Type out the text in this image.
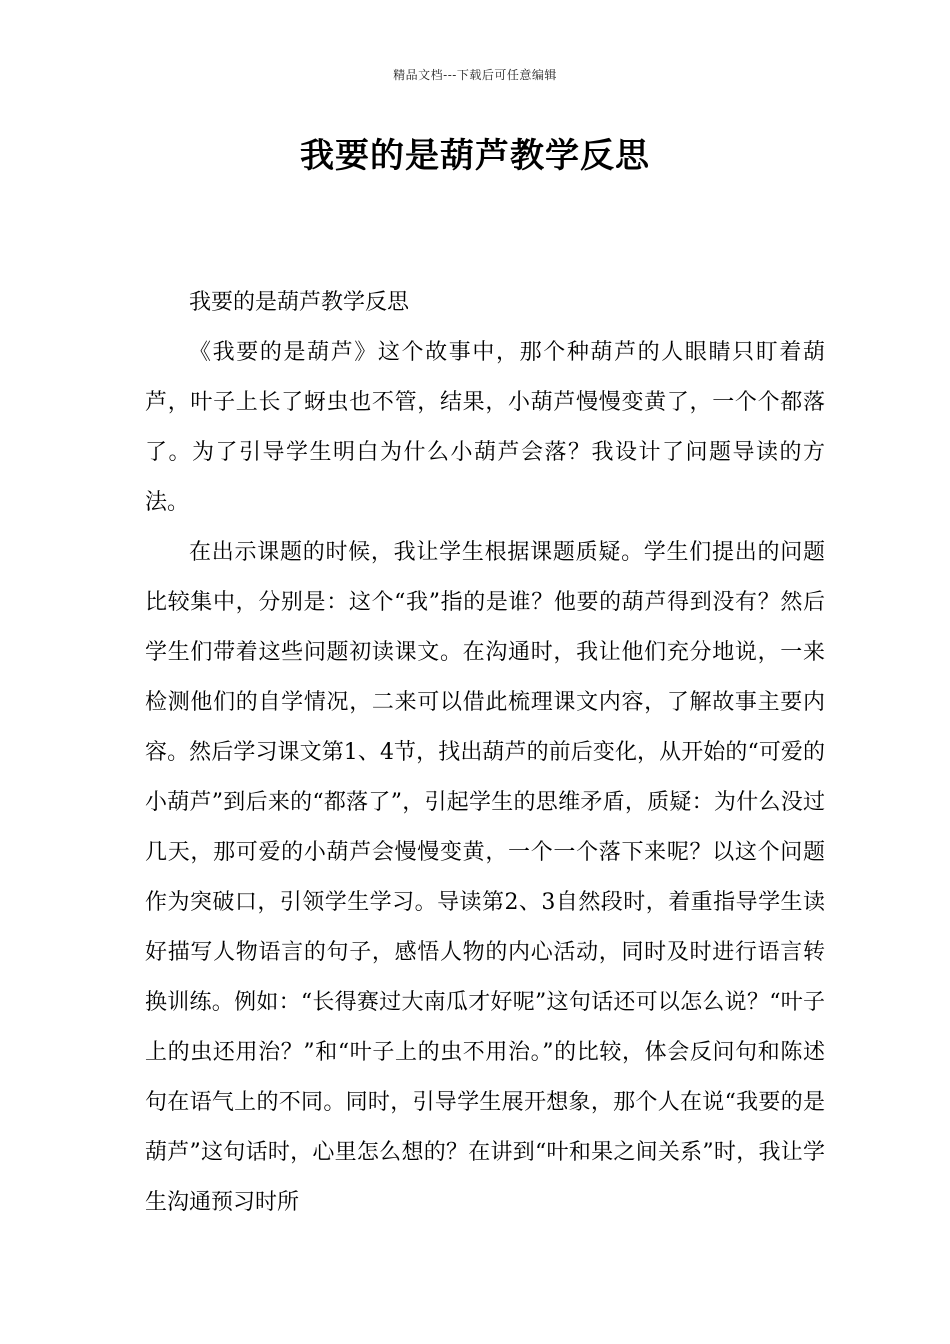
精品文档---下载后可任意编辑
我要的是葫芦教学反思

我要的是葫芦教学反思

《我要的是葫芦》这个故事中，那个种葫芦的人眼睛只盯着葫芦，叶子上长了蚜虫也不管，结果，小葫芦慢慢变黄了，一个个都落了。为了引导学生明白为什么小葫芦会落？我设计了问题导读的方法。

在出示课题的时候，我让学生根据课题质疑。学生们提出的问题比较集中，分别是：这个“我”指的是谁？他要的葫芦得到没有？然后学生们带着这些问题初读课文。在沟通时，我让他们充分地说，一来检测他们的自学情况，二来可以借此梳理课文内容，了解故事主要内容。然后学习课文第1、4节，找出葫芦的前后变化，从开始的“可爱的小葫芦”到后来的“都落了”，引起学生的思维矛盾，质疑：为什么没过几天，那可爱的小葫芦会慢慢变黄，一个一个落下来呢？以这个问题作为突破口，引领学生学习。导读第2、3自然段时，着重指导学生读好描写人物语言的句子，感悟人物的内心活动，同时及时进行语言转换训练。例如：“长得赛过大南瓜才好呢”这句话还可以怎么说？“叶子上的虫还用治？”和“叶子上的虫不用治。”的比较，体会反问句和陈述句在语气上的不同。同时，引导学生展开想象，那个人在说“我要的是葫芦”这句话时，心里怎么想的？在讲到“叶和果之间关系”时，我让学生沟通预习时所
